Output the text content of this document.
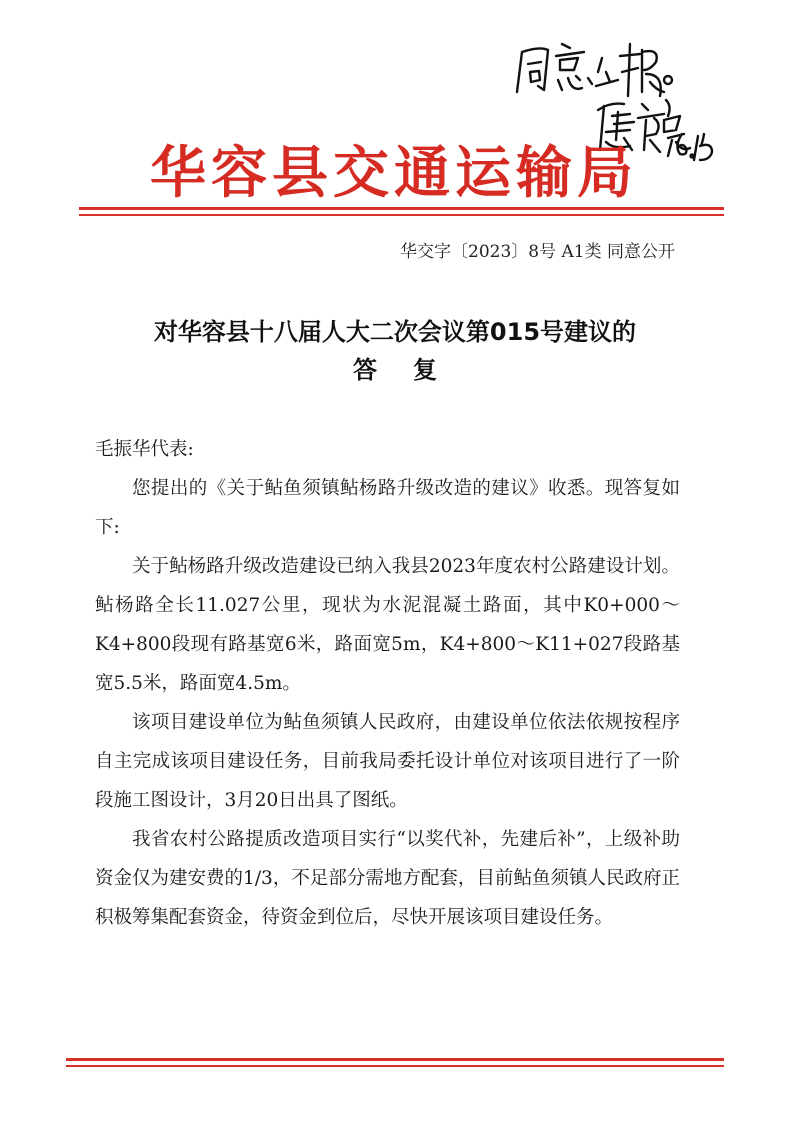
华容县交通运输局
华交字〔2023〕8号 A1类 同意公开
对华容县十八届人大二次会议第015号建议的
答复

毛振华代表:

您提出的《关于鲇鱼须镇鲇杨路升级改造的建议》收悉。现答复如下:

关于鲇杨路升级改造建设已纳入我县2023年度农村公路建设计划。鲇杨路全长11.027公里，现状为水泥混凝土路面，其中K0+000～K4+800段现有路基宽6米，路面宽5m，K4+800～K11+027段路基宽5.5米，路面宽4.5m。

该项目建设单位为鲇鱼须镇人民政府，由建设单位依法依规按程序自主完成该项目建设任务，目前我局委托设计单位对该项目进行了一阶段施工图设计，3月20日出具了图纸。

我省农村公路提质改造项目实行“以奖代补，先建后补”，上级补助资金仅为建安费的1/3，不足部分需地方配套，目前鲇鱼须镇人民政府正积极筹集配套资金，待资金到位后，尽快开展该项目建设任务。
